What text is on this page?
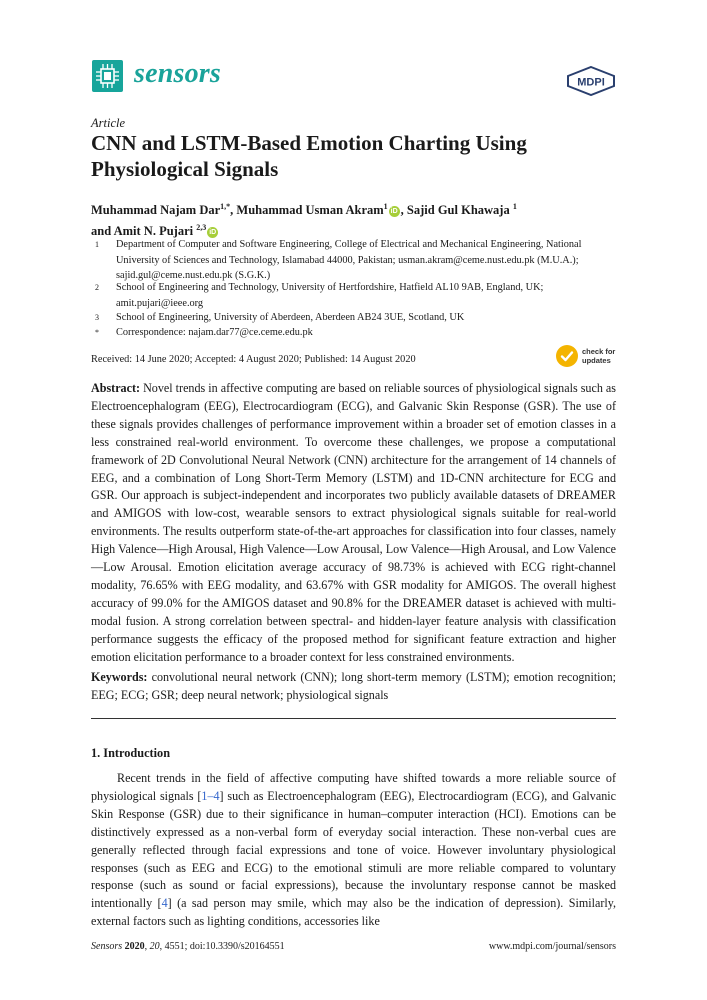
sensors	MDPI
Article
CNN and LSTM-Based Emotion Charting Using Physiological Signals
Muhammad Najam Dar$^{1,*}$, Muhammad Usman Akram$^1$iD , Sajid Gul Khawaja $^1$
and Amit N. Pujari $^{2,3}$iD
1 Department of Computer and Software Engineering, College of Electrical and Mechanical Engineering, National University of Sciences and Technology, Islamabad 44000, Pakistan; usman.akram@ceme.nust.edu.pk (M.U.A.); sajid.gul@ceme.nust.edu.pk (S.G.K.)
2 School of Engineering and Technology, University of Hertfordshire, Hatfield AL10 9AB, England, UK; amit.pujari@ieee.org
3 School of Engineering, University of Aberdeen, Aberdeen AB24 3UE, Scotland, UK
* Correspondence: najam.dar77@ce.ceme.edu.pk
Received: 14 June 2020; Accepted: 4 August 2020; Published: 14 August 2020
check for
updates
Abstract: Novel trends in affective computing are based on reliable sources of physiological signals such as Electroencephalogram (EEG), Electrocardiogram (ECG), and Galvanic Skin Response (GSR). The use of these signals provides challenges of performance improvement within a broader set of emotion classes in a less constrained real-world environment. To overcome these challenges, we propose a computational framework of 2D Convolutional Neural Network (CNN) architecture for the arrangement of 14 channels of EEG, and a combination of Long Short-Term Memory (LSTM) and 1D-CNN architecture for ECG and GSR. Our approach is subject-independent and incorporates two publicly available datasets of DREAMER and AMIGOS with low-cost, wearable sensors to extract physiological signals suitable for real-world environments. The results outperform state-of-the-art approaches for classification into four classes, namely High Valence—High Arousal, High Valence—Low Arousal, Low Valence—High Arousal, and Low Valence—Low Arousal. Emotion elicitation average accuracy of 98.73% is achieved with ECG right-channel modality, 76.65% with EEG modality, and 63.67% with GSR modality for AMIGOS. The overall highest accuracy of 99.0% for the AMIGOS dataset and 90.8% for the DREAMER dataset is achieved with multi-modal fusion. A strong correlation between spectral- and hidden-layer feature analysis with classification performance suggests the efficacy of the proposed method for significant feature extraction and higher emotion elicitation performance to a broader context for less constrained environments.
Keywords: convolutional neural network (CNN); long short-term memory (LSTM); emotion recognition; EEG; ECG; GSR; deep neural network; physiological signals
1. Introduction
Recent trends in the field of affective computing have shifted towards a more reliable source of physiological signals [1–4] such as Electroencephalogram (EEG), Electrocardiogram (ECG), and Galvanic Skin Response (GSR) due to their significance in human–computer interaction (HCI). Emotions can be distinctively expressed as a non-verbal form of everyday social interaction. These non-verbal cues are generally reflected through facial expressions and tone of voice. However involuntary physiological responses (such as EEG and ECG) to the emotional stimuli are more reliable compared to voluntary response (such as sound or facial expressions), because the involuntary response cannot be masked intentionally [4] (a sad person may smile, which may also be the indication of depression). Similarly, external factors such as lighting conditions, accessories like
Sensors 2020, 20, 4551; doi:10.3390/s20164551	www.mdpi.com/journal/sensors
